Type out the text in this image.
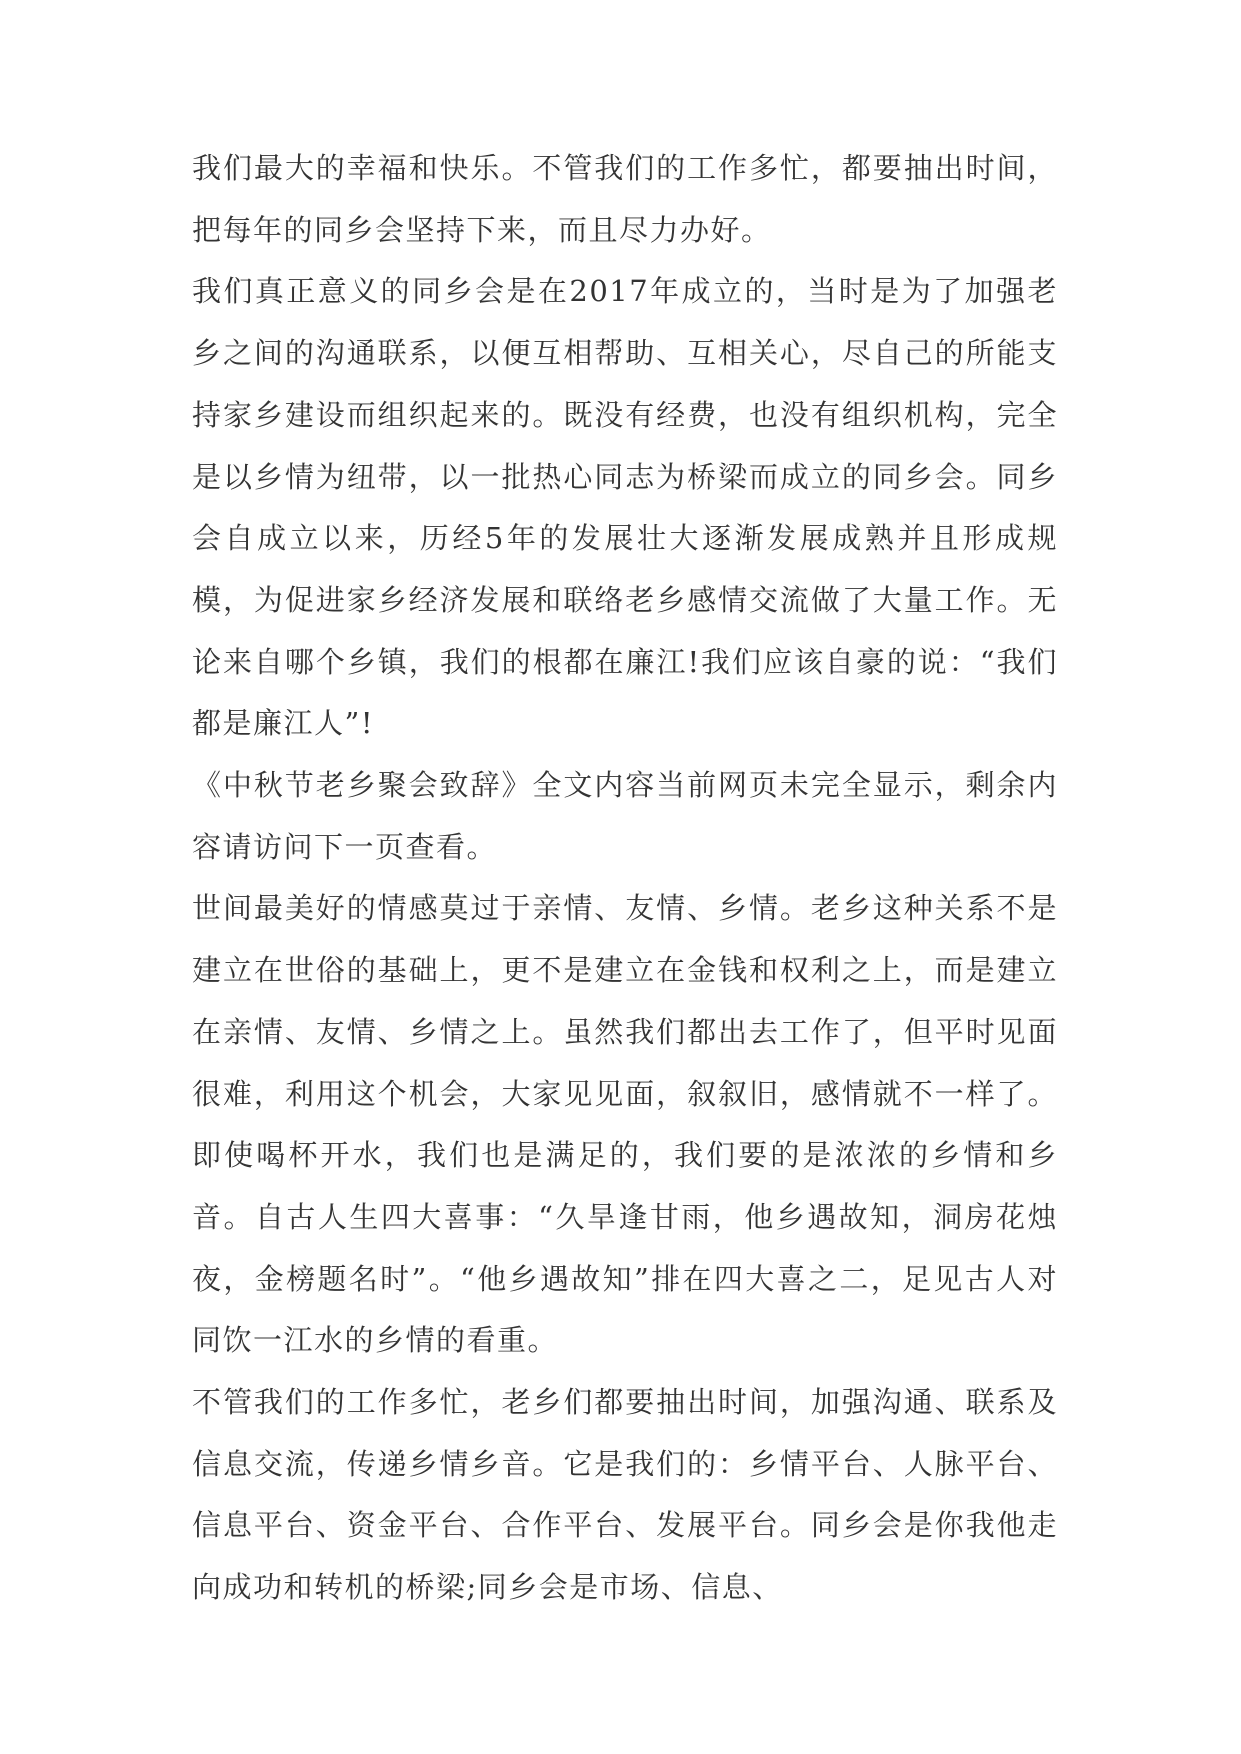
我们最大的幸福和快乐。不管我们的工作多忙，都要抽出时间，把每年的同乡会坚持下来，而且尽力办好。

我们真正意义的同乡会是在2017年成立的，当时是为了加强老乡之间的沟通联系，以便互相帮助、互相关心，尽自己的所能支持家乡建设而组织起来的。既没有经费，也没有组织机构，完全是以乡情为纽带，以一批热心同志为桥梁而成立的同乡会。同乡会自成立以来，历经5年的发展壮大逐渐发展成熟并且形成规模，为促进家乡经济发展和联络老乡感情交流做了大量工作。无论来自哪个乡镇，我们的根都在廉江!我们应该自豪的说：“我们都是廉江人”!

《中秋节老乡聚会致辞》全文内容当前网页未完全显示，剩余内容请访问下一页查看。

世间最美好的情感莫过于亲情、友情、乡情。老乡这种关系不是建立在世俗的基础上，更不是建立在金钱和权利之上，而是建立在亲情、友情、乡情之上。虽然我们都出去工作了，但平时见面很难，利用这个机会，大家见见面，叙叙旧，感情就不一样了。即使喝杯开水，我们也是满足的，我们要的是浓浓的乡情和乡音。自古人生四大喜事：“久旱逢甘雨，他乡遇故知，洞房花烛夜，金榜题名时”。“他乡遇故知”排在四大喜之二，足见古人对同饮一江水的乡情的看重。

不管我们的工作多忙，老乡们都要抽出时间，加强沟通、联系及信息交流，传递乡情乡音。它是我们的：乡情平台、人脉平台、信息平台、资金平台、合作平台、发展平台。同乡会是你我他走向成功和转机的桥梁;同乡会是市场、信息、
